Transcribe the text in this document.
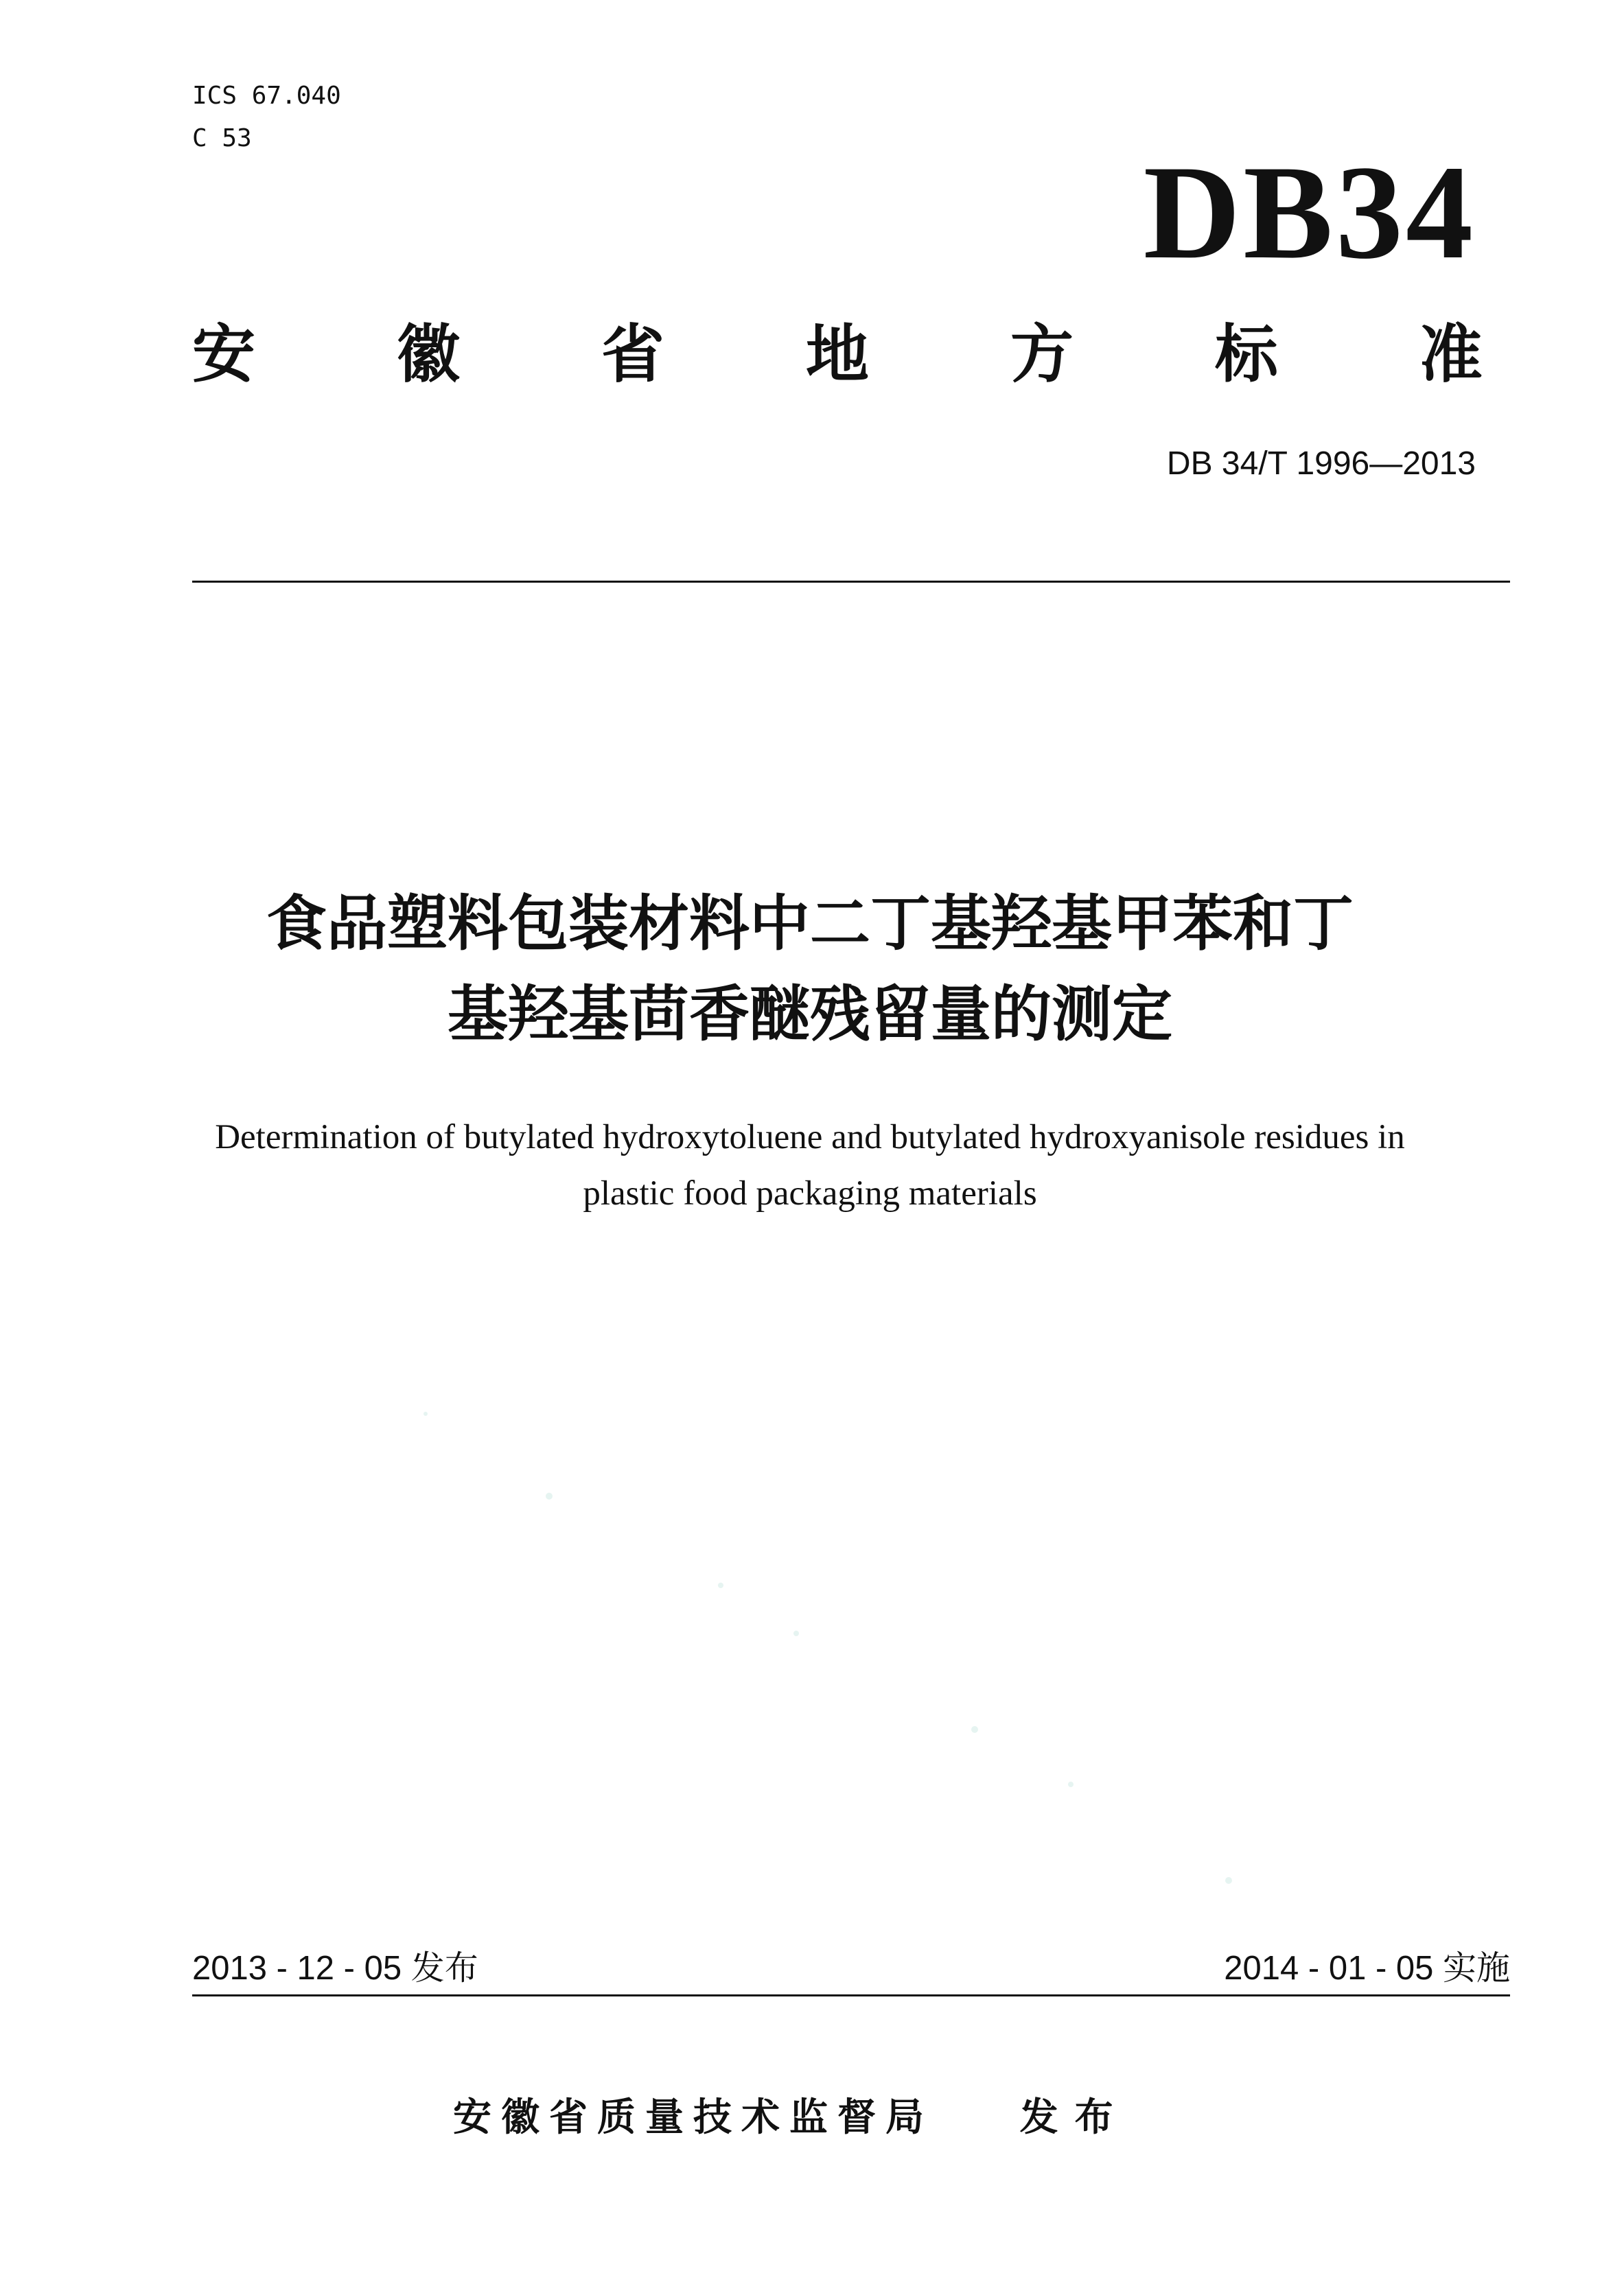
ICS 67.040
C 53	DB34
安 徽 省 地 方 标 准
DB 34/T 1996—2013
食品塑料包装材料中二丁基羟基甲苯和丁
基羟基茴香醚残留量的测定
Determination of butylated hydroxytoluene and butylated hydroxyanisole residues in
plastic food packaging materials
2013 - 12 - 05 发布	2014 - 01 - 05 实施
安徽省质量技术监督局 发布
